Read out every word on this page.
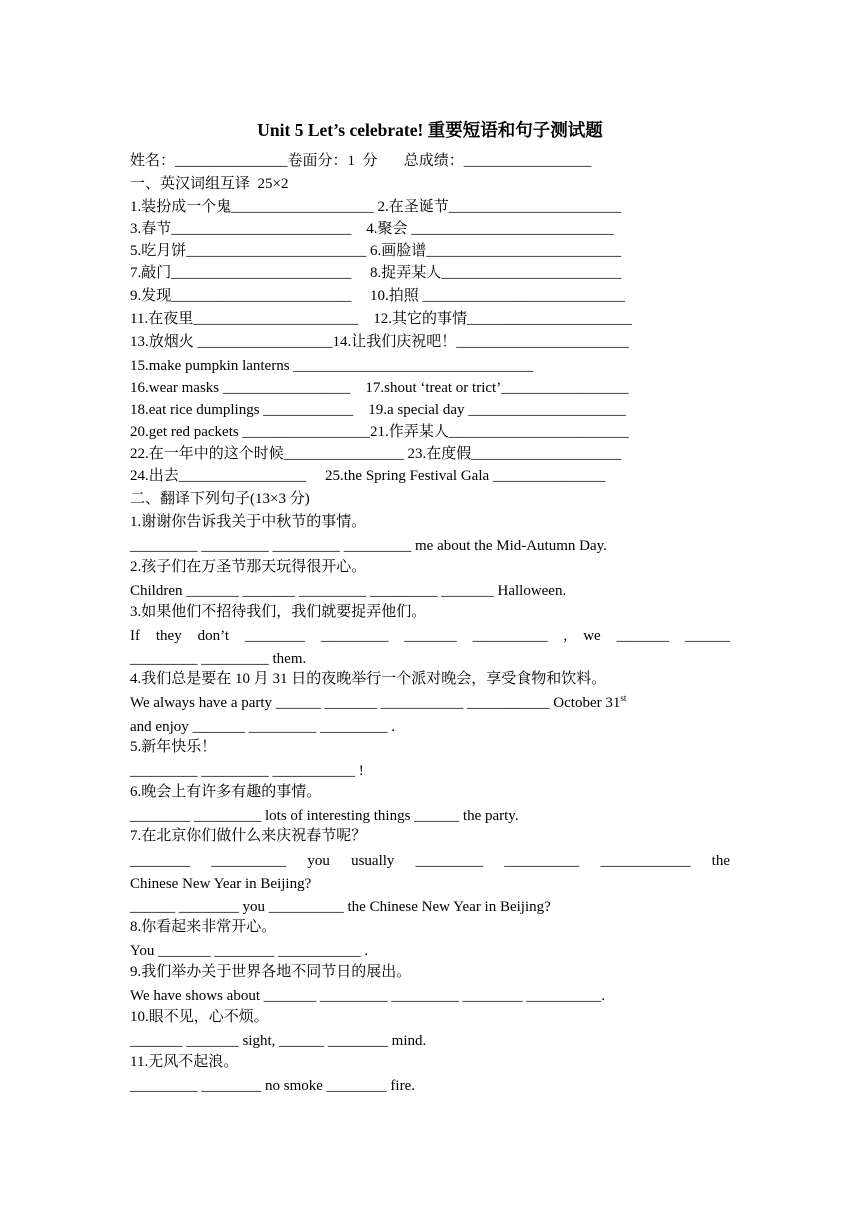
Unit 5 Let’s celebrate! 重要短语和句子测试题
姓名：_______________卷面分：1  分       总成绩：_________________
一、英汉词组互译  25×2
1.装扮成一个鬼___________________ 2.在圣诞节_______________________
3.春节________________________    4.聚会 ___________________________
5.吃月饼________________________ 6.画脸谱__________________________
7.敲门________________________     8.捉弄某人________________________
9.发现________________________     10.拍照 ___________________________
11.在夜里______________________    12.其它的事情______________________
13.放烟火 __________________14.让我们庆祝吧！_______________________
15.make pumpkin lanterns ________________________________
16.wear masks _________________    17.shout ‘treat or trict’_________________
18.eat rice dumplings ____________    19.a special day _____________________
20.get red packets _________________21.作弄某人________________________
22.在一年中的这个时候________________ 23.在度假____________________
24.出去_________________     25.the Spring Festival Gala _______________
二、翻译下列句子(13×3 分)
1.谢谢你告诉我关于中秋节的事情。
_________ _________ _________ _________ me about the Mid-Autumn Day.
2.孩子们在万圣节那天玩得很开心。
Children _______ _______ _________ _________ _______ Halloween.
3.如果他们不招待我们，我们就要捉弄他们。
If they don’t ________ _________ _______ __________ , we _______ ______
_________ _________ them.
4.我们总是要在 10 月 31 日的夜晚举行一个派对晚会，享受食物和饮料。
We always have a party ______ _______ ___________ ___________ October 31st
and enjoy _______ _________ _________ .
5.新年快乐！
_________ _________ ___________ !
6.晚会上有许多有趣的事情。
________ _________ lots of interesting things ______ the party.
7.在北京你们做什么来庆祝春节呢？
________ __________ you usually _________ __________ ____________ the
Chinese New Year in Beijing?
______ ________ you __________ the Chinese New Year in Beijing?
8.你看起来非常开心。
You _______ ________ ___________ .
9.我们举办关于世界各地不同节日的展出。
We have shows about _______ _________ _________ ________ __________.
10.眼不见，心不烦。
_______ _______ sight, ______ ________ mind.
11.无风不起浪。
_________ ________ no smoke ________ fire.
